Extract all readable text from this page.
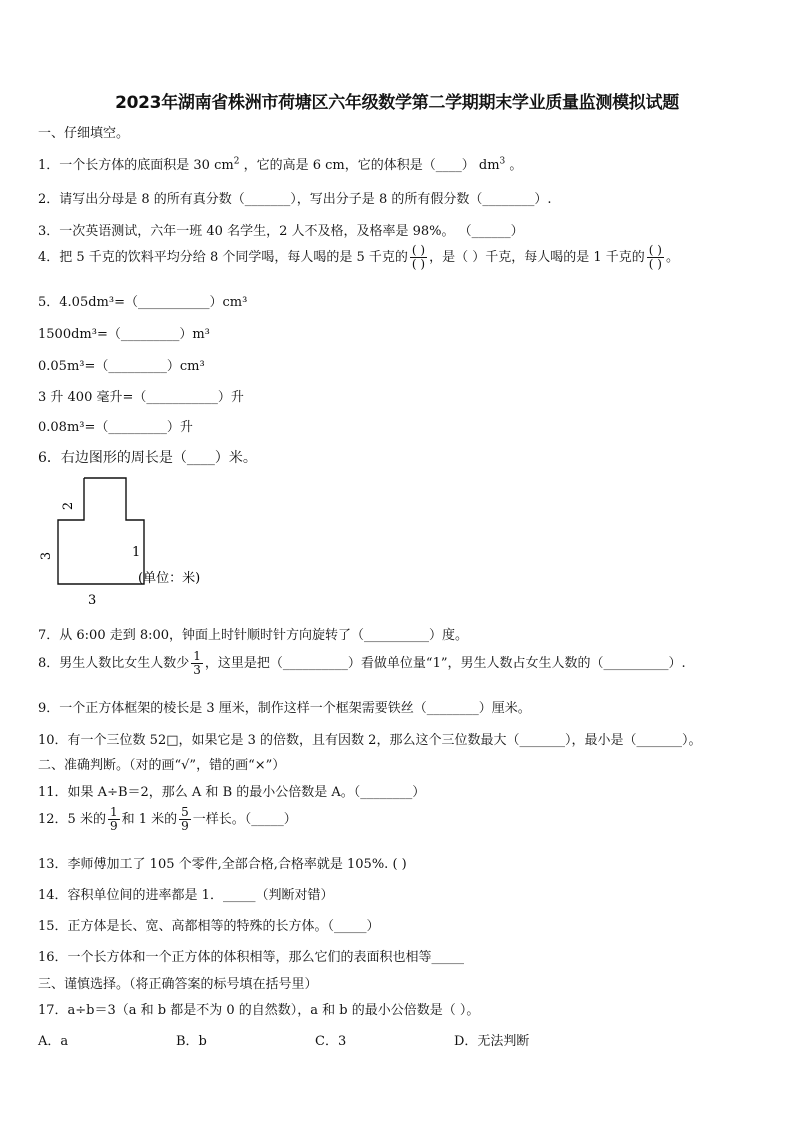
2023年湖南省株洲市荷塘区六年级数学第二学期期末学业质量监测模拟试题
一、仔细填空。
1．一个长方体的底面积是 30 $cm^2$ ，它的高是 6 cm，它的体积是（____） $dm^3$ 。
2．请写出分母是 8 的所有真分数（_______），写出分子是 8 的所有假分数（________）.
3．一次英语测试，六年一班 40 名学生，2 人不及格，及格率是 98%。 （______）
4．把 5 千克的饮料平均分给 8 个同学喝，每人喝的是 5 千克的 $\frac{( )}{( )}$ ，是（ ）千克，每人喝的是 1 千克的 $\frac{( )}{( )}$ 。
5．4.05dm³=（___________）cm³
1500dm³=（_________）m³
0.05m³=（_________）cm³
3 升 400 毫升=（___________）升
0.08m³=（_________）升
6．右边图形的周长是（____）米。
2
3	1
3
(单位：米)
7．从 6:00 走到 8:00，钟面上时针顺时针方向旋转了（__________）度。
8．男生人数比女生人数少 $\frac{1}{3}$ ，这里是把（__________）看做单位量“1”，男生人数占女生人数的（__________）.
9．一个正方体框架的棱长是 3 厘米，制作这样一个框架需要铁丝（________）厘米。
10．有一个三位数 52□，如果它是 3 的倍数，且有因数 2，那么这个三位数最大（_______），最小是（_______）。
二、准确判断。（对的画“√”，错的画“×”）
11．如果 A÷B＝2，那么 A 和 B 的最小公倍数是 A。（________）
12．5 米的 $\frac{1}{9}$ 和 1 米的 $\frac{5}{9}$ 一样长。（_____）
13．李师傅加工了 105 个零件,全部合格,合格率就是 105%. ( )
14．容积单位间的进率都是 1．_____（判断对错）
15．正方体是长、宽、高都相等的特殊的长方体。（_____）
16．一个长方体和一个正方体的体积相等，那么它们的表面积也相等_____
三、谨慎选择。（将正确答案的标号填在括号里）
17．a÷b＝3（a 和 b 都是不为 0 的自然数），a 和 b 的最小公倍数是（ ）。
A．a	B．b	C．3	D．无法判断
